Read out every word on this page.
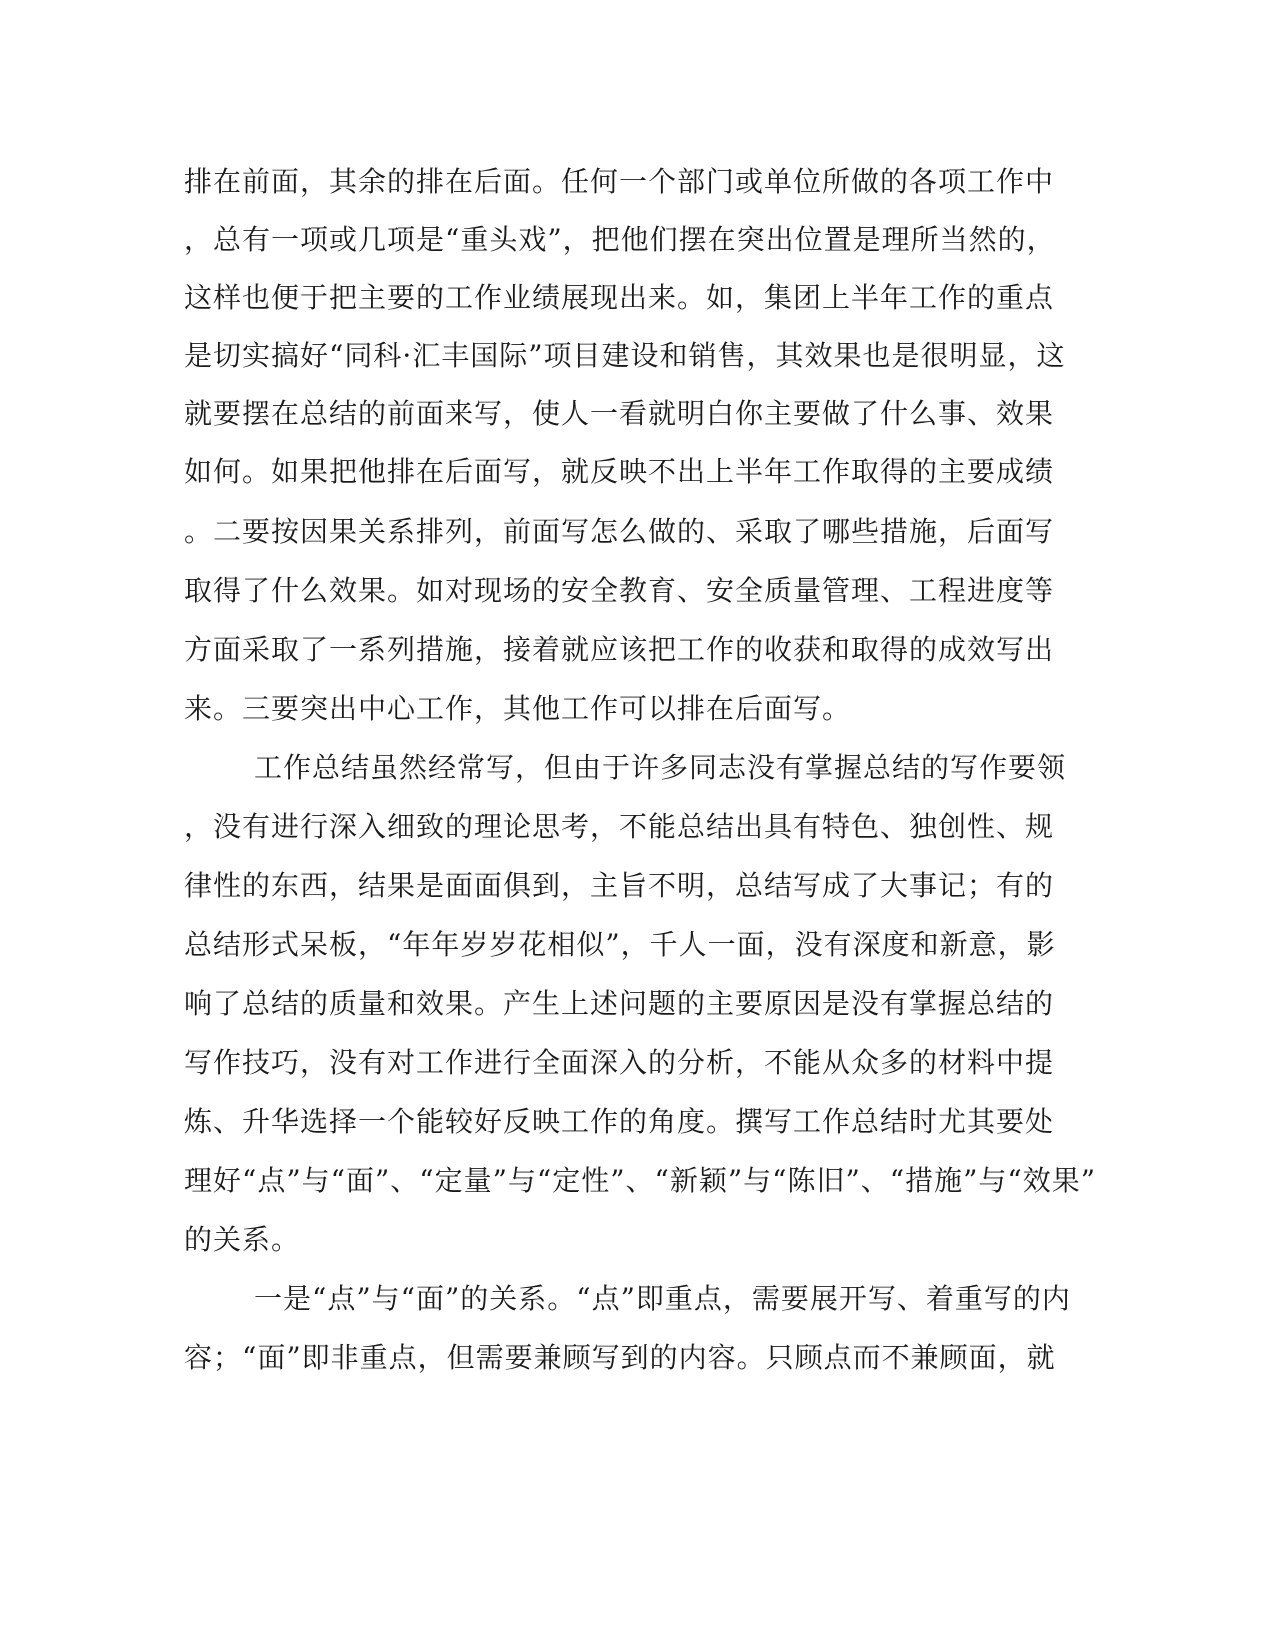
排在前面，其余的排在后面。任何一个部门或单位所做的各项工作中
，总有一项或几项是“重头戏”，把他们摆在突出位置是理所当然的，
这样也便于把主要的工作业绩展现出来。如，集团上半年工作的重点
是切实搞好“同科·汇丰国际”项目建设和销售，其效果也是很明显，这
就要摆在总结的前面来写，使人一看就明白你主要做了什么事、效果
如何。如果把他排在后面写，就反映不出上半年工作取得的主要成绩
。二要按因果关系排列，前面写怎么做的、采取了哪些措施，后面写
取得了什么效果。如对现场的安全教育、安全质量管理、工程进度等
方面采取了一系列措施，接着就应该把工作的收获和取得的成效写出
来。三要突出中心工作，其他工作可以排在后面写。
工作总结虽然经常写，但由于许多同志没有掌握总结的写作要领
，没有进行深入细致的理论思考，不能总结出具有特色、独创性、规
律性的东西，结果是面面俱到，主旨不明，总结写成了大事记；有的
总结形式呆板，“年年岁岁花相似”，千人一面，没有深度和新意，影
响了总结的质量和效果。产生上述问题的主要原因是没有掌握总结的
写作技巧，没有对工作进行全面深入的分析，不能从众多的材料中提
炼、升华选择一个能较好反映工作的角度。撰写工作总结时尤其要处
理好“点”与“面”、“定量”与“定性”、“新颖”与“陈旧”、“措施”与“效果”
的关系。
一是“点”与“面”的关系。“点”即重点，需要展开写、着重写的内
容；“面”即非重点，但需要兼顾写到的内容。只顾点而不兼顾面，就
